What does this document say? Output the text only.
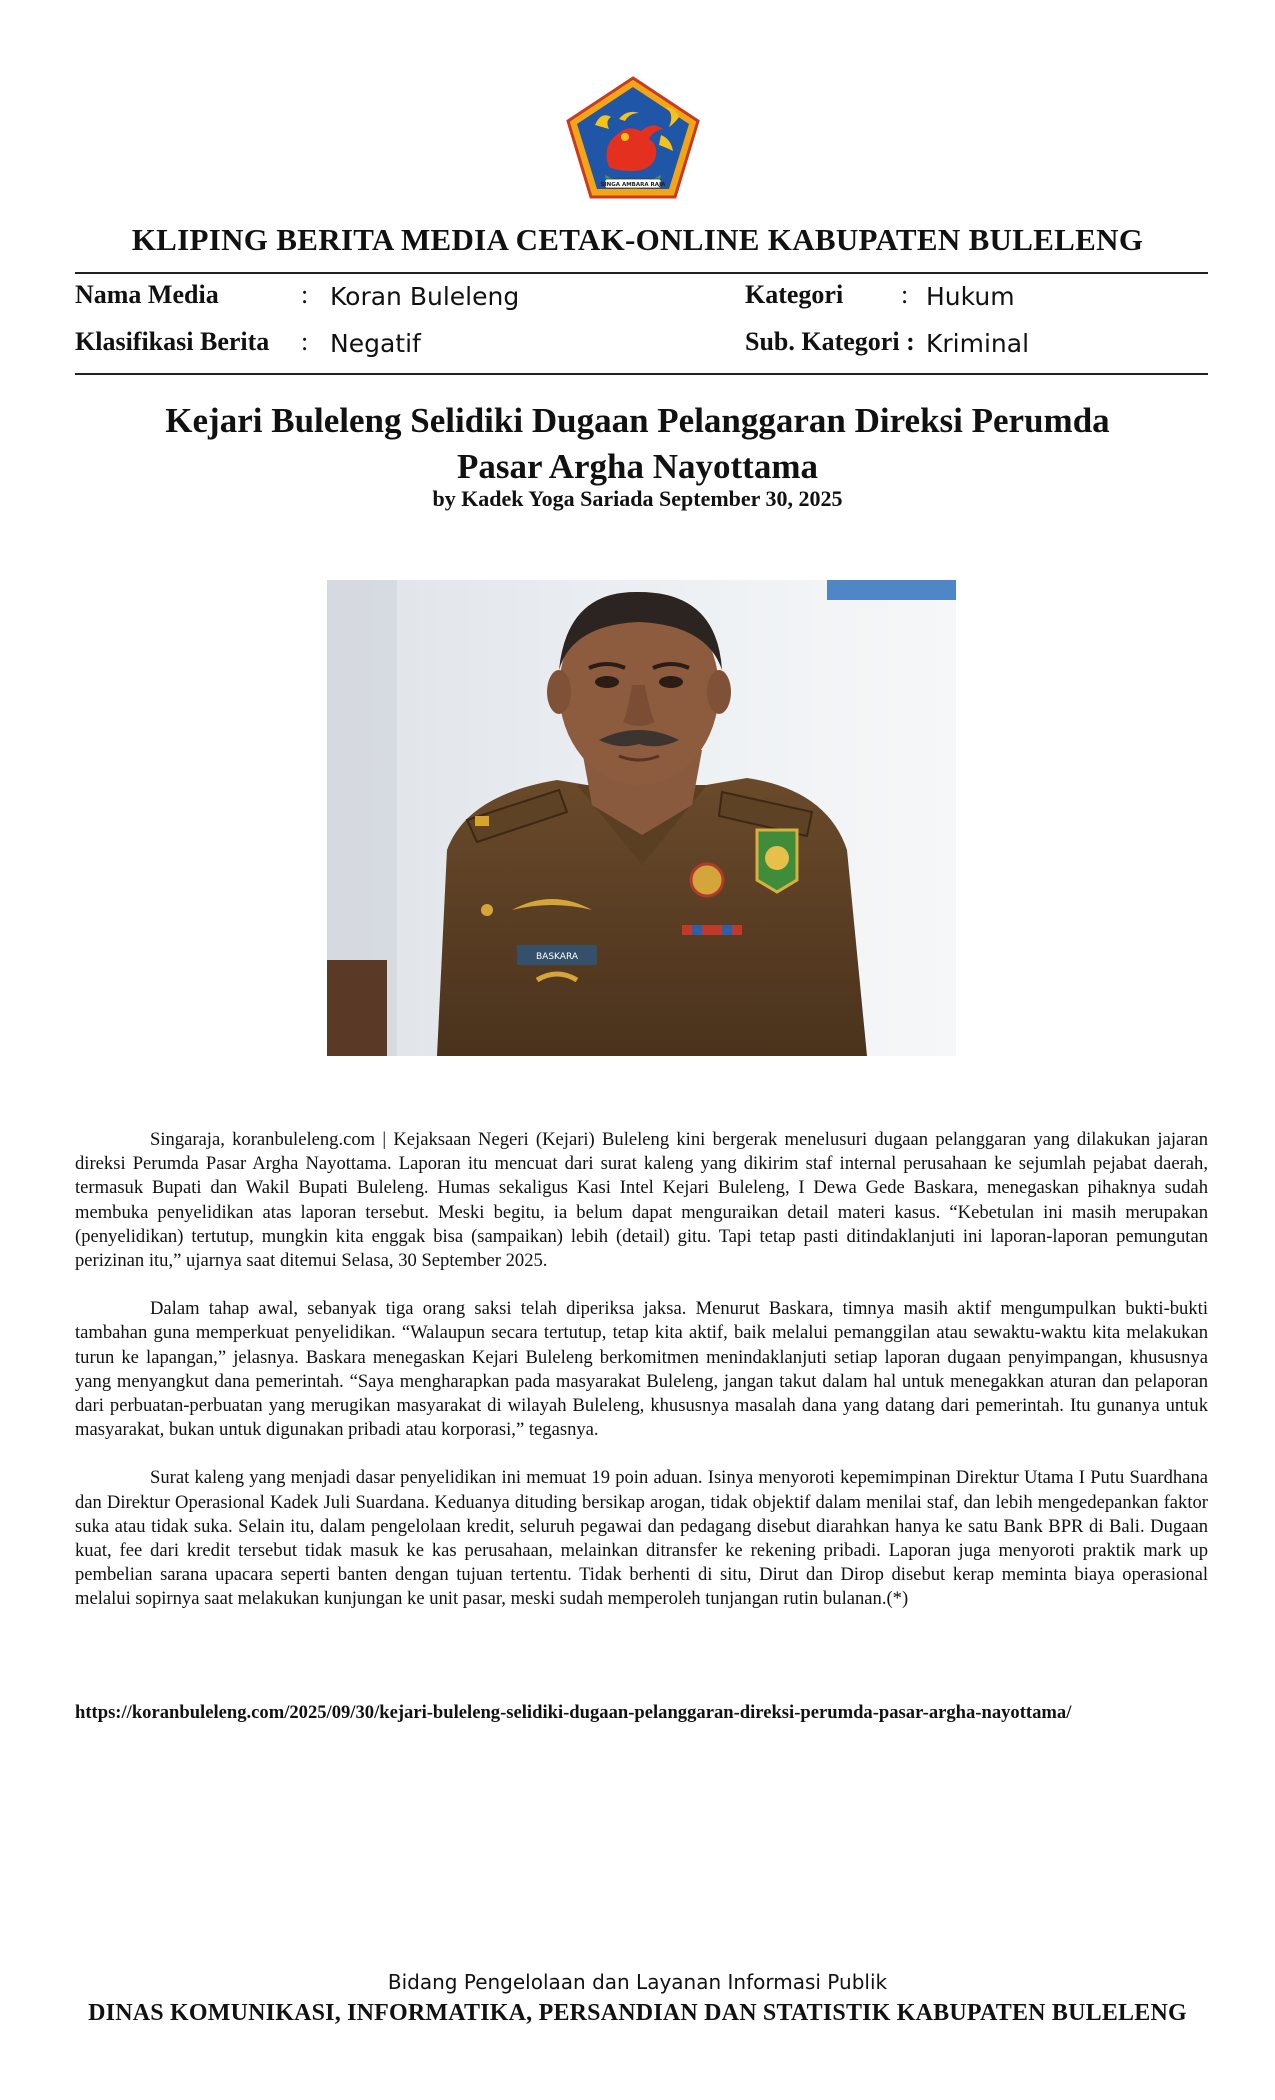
SINGA AMBARA RAJA
KLIPING BERITA MEDIA CETAK-ONLINE KABUPATEN BULELENG
Nama Media	: Koran Buleleng	Kategori : Hukum
Klasifikasi Berita : Negatif	Sub. Kategori : Kriminal
Kejari Buleleng Selidiki Dugaan Pelanggaran Direksi Perumda
Pasar Argha Nayottama
by Kadek Yoga Sariada September 30, 2025
BASKARA

Singaraja, koranbuleleng.com | Kejaksaan Negeri (Kejari) Buleleng kini bergerak menelusuri dugaan pelanggaran yang dilakukan jajaran direksi Perumda Pasar Argha Nayottama. Laporan itu mencuat dari surat kaleng yang dikirim staf internal perusahaan ke sejumlah pejabat daerah, termasuk Bupati dan Wakil Bupati Buleleng. Humas sekaligus Kasi Intel Kejari Buleleng, I Dewa Gede Baskara, menegaskan pihaknya sudah membuka penyelidikan atas laporan tersebut. Meski begitu, ia belum dapat menguraikan detail materi kasus. “Kebetulan ini masih merupakan (penyelidikan) tertutup, mungkin kita enggak bisa (sampaikan) lebih (detail) gitu. Tapi tetap pasti ditindaklanjuti ini laporan-laporan pemungutan perizinan itu,” ujarnya saat ditemui Selasa, 30 September 2025.

Dalam tahap awal, sebanyak tiga orang saksi telah diperiksa jaksa. Menurut Baskara, timnya masih aktif mengumpulkan bukti-bukti tambahan guna memperkuat penyelidikan. “Walaupun secara tertutup, tetap kita aktif, baik melalui pemanggilan atau sewaktu-waktu kita melakukan turun ke lapangan,” jelasnya. Baskara menegaskan Kejari Buleleng berkomitmen menindaklanjuti setiap laporan dugaan penyimpangan, khususnya yang menyangkut dana pemerintah. “Saya mengharapkan pada masyarakat Buleleng, jangan takut dalam hal untuk menegakkan aturan dan pelaporan dari perbuatan-perbuatan yang merugikan masyarakat di wilayah Buleleng, khususnya masalah dana yang datang dari pemerintah. Itu gunanya untuk masyarakat, bukan untuk digunakan pribadi atau korporasi,” tegasnya.

Surat kaleng yang menjadi dasar penyelidikan ini memuat 19 poin aduan. Isinya menyoroti kepemimpinan Direktur Utama I Putu Suardhana dan Direktur Operasional Kadek Juli Suardana. Keduanya dituding bersikap arogan, tidak objektif dalam menilai staf, dan lebih mengedepankan faktor suka atau tidak suka. Selain itu, dalam pengelolaan kredit, seluruh pegawai dan pedagang disebut diarahkan hanya ke satu Bank BPR di Bali. Dugaan kuat, fee dari kredit tersebut tidak masuk ke kas perusahaan, melainkan ditransfer ke rekening pribadi. Laporan juga menyoroti praktik mark up pembelian sarana upacara seperti banten dengan tujuan tertentu. Tidak berhenti di situ, Dirut dan Dirop disebut kerap meminta biaya operasional melalui sopirnya saat melakukan kunjungan ke unit pasar, meski sudah memperoleh tunjangan rutin bulanan.(*)

https://koranbuleleng.com/2025/09/30/kejari-buleleng-selidiki-dugaan-pelanggaran-direksi-perumda-pasar-argha-nayottama/
Bidang Pengelolaan dan Layanan Informasi Publik
DINAS KOMUNIKASI, INFORMATIKA, PERSANDIAN DAN STATISTIK KABUPATEN BULELENG
